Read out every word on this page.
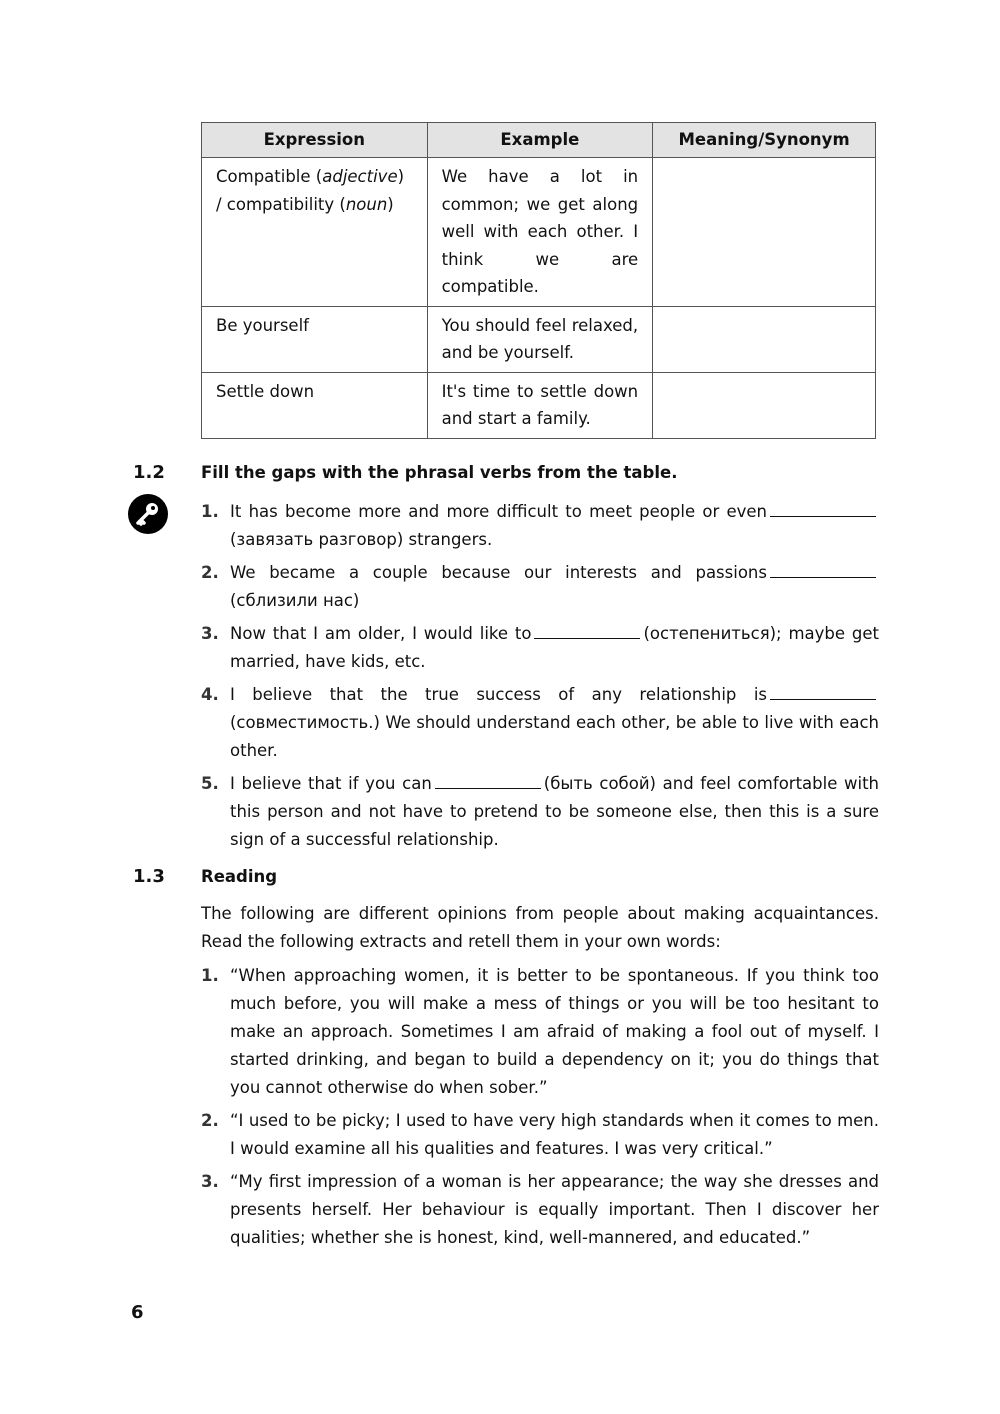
Expression	Example	Meaning/Synonym
Compatible (adjective) / compatibility (noun)	We have a lot in common; we get along well with each other. I think we are compatible.	
Be yourself	You should feel relaxed, and be yourself.	
Settle down	It's time to settle down and start a family.	
1.2 Fill the gaps with the phrasal verbs from the table.
1. It has become more and more difficult to meet people or even(завязать разговор) strangers.
2. We became a couple because our interests and passions(сблизили нас)
3. Now that I am older, I would like to	(остепениться); maybe get married, have kids, etc.
4. I believe that the true success of any relationship is(совместимость.) We should understand each other, be able to live with each other.
5. I believe that if you can	(быть собой) and feel comfortable with this person and not have to pretend to be someone else, then this is a sure sign of a successful relationship.
1.3 Reading

The following are different opinions from people about making acquaintances. Read the following extracts and retell them in your own words:

1. “When approaching women, it is better to be spontaneous. If you think too much before, you will make a mess of things or you will be too hesitant to make an approach. Sometimes I am afraid of making a fool out of myself. I started drinking, and began to build a dependency on it; you do things that you cannot otherwise do when sober.”
2. “I used to be picky; I used to have very high standards when it comes to men. I would examine all his qualities and features. I was very critical.”
3. “My first impression of a woman is her appearance; the way she dresses and presents herself. Her behaviour is equally important. Then I discover her qualities; whether she is honest, kind, well-mannered, and educated.”
6
